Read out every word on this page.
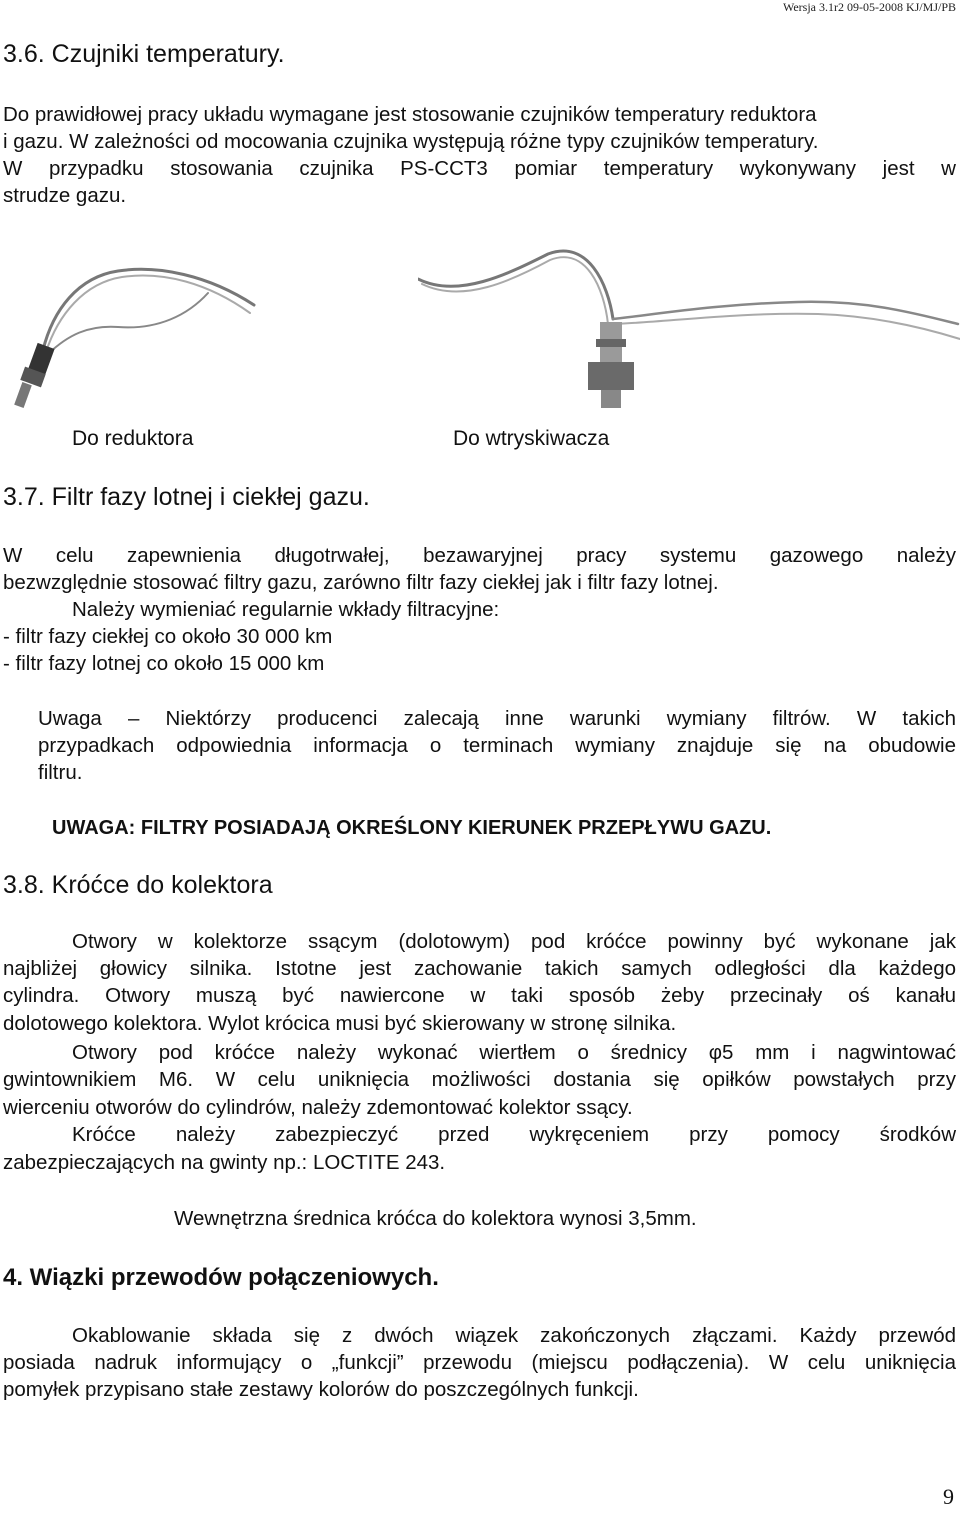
Wersja 3.1r2 09-05-2008 KJ/MJ/PB
3.6. Czujniki temperatury.
Do prawidłowej pracy układu wymagane jest stosowanie czujników temperatury reduktora
i gazu. W zależności od mocowania czujnika występują różne typy czujników temperatury.
W przypadku stosowania czujnika PS-CCT3 pomiar temperatury wykonywany jest w
strudze gazu.
Do reduktora	Do wtryskiwacza
3.7. Filtr fazy lotnej i ciekłej gazu.
W celu zapewnienia długotrwałej, bezawaryjnej pracy systemu gazowego należy
bezwzględnie stosować filtry gazu, zarówno filtr fazy ciekłej jak i filtr fazy lotnej.
Należy wymieniać regularnie wkłady filtracyjne:
- filtr fazy ciekłej co około 30 000 km
- filtr fazy lotnej co około 15 000 km
Uwaga – Niektórzy producenci zalecają inne warunki wymiany filtrów. W takich
przypadkach odpowiednia informacja o terminach wymiany znajduje się na obudowie
filtru.
UWAGA: FILTRY POSIADAJĄ OKREŚLONY KIERUNEK PRZEPŁYWU GAZU.
3.8. Króćce do kolektora
Otwory w kolektorze ssącym (dolotowym) pod króćce powinny być wykonane jak
najbliżej głowicy silnika. Istotne jest zachowanie takich samych odległości dla każdego
cylindra. Otwory muszą być nawiercone w taki sposób żeby przecinały oś kanału
dolotowego kolektora. Wylot krócica musi być skierowany w stronę silnika.
Otwory pod króćce należy wykonać wiertłem o średnicy φ5 mm i nagwintować
gwintownikiem M6. W celu uniknięcia możliwości dostania się opiłków powstałych przy
wierceniu otworów do cylindrów, należy zdemontować kolektor ssący.
Króćce należy zabezpieczyć przed wykręceniem przy pomocy środków
zabezpieczających na gwinty np.: LOCTITE 243.
Wewnętrzna średnica króćca do kolektora wynosi 3,5mm.
4. Wiązki przewodów połączeniowych.
Okablowanie składa się z dwóch wiązek zakończonych złączami. Każdy przewód
posiada nadruk informujący o „funkcji” przewodu (miejscu podłączenia). W celu uniknięcia
pomyłek przypisano stałe zestawy kolorów do poszczególnych funkcji.
9
